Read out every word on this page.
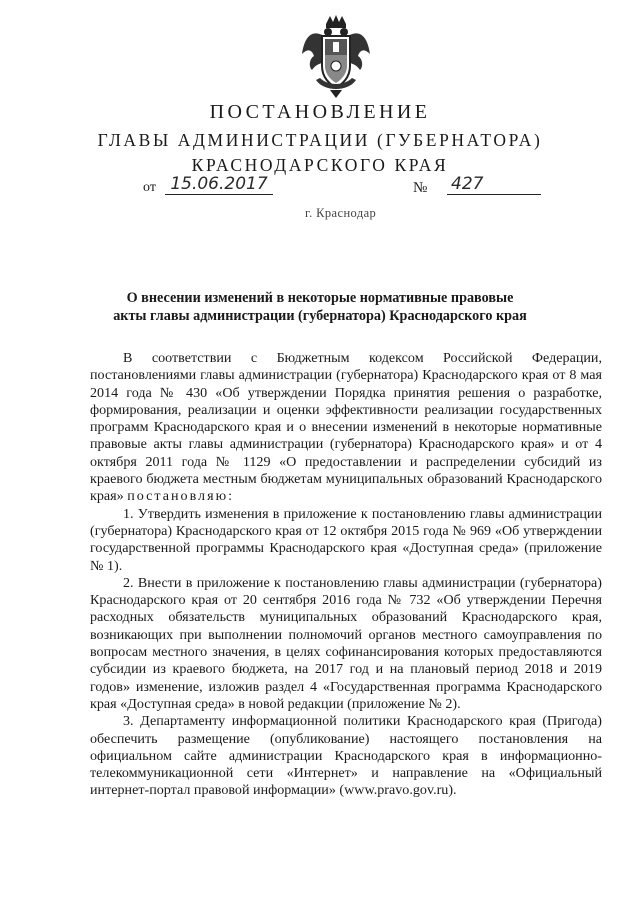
ПОСТАНОВЛЕНИЕ
ГЛАВЫ АДМИНИСТРАЦИИ (ГУБЕРНАТОРА)
КРАСНОДАРСКОГО КРАЯ
от 15.06.2017	№ 427
г. Краснодар
О внесении изменений в некоторые нормативные правовые
акты главы администрации (губернатора) Краснодарского края

В соответствии с Бюджетным кодексом Российской Федерации, постановлениями главы администрации (губернатора) Краснодарского края от 8 мая 2014 года № 430 «Об утверждении Порядка принятия решения о разработке, формирования, реализации и оценки эффективности реализации государственных программ Краснодарского края и о внесении изменений в некоторые нормативные правовые акты главы администрации (губернатора) Краснодарского края» и от 4 октября 2011 года № 1129 «О предоставлении и распределении субсидий из краевого бюджета местным бюджетам муниципальных образований Краснодарского края» постановляю:

1. Утвердить изменения в приложение к постановлению главы администрации (губернатора) Краснодарского края от 12 октября 2015 года № 969 «Об утверждении государственной программы Краснодарского края «Доступная среда» (приложение № 1).

2. Внести в приложение к постановлению главы администрации (губернатора) Краснодарского края от 20 сентября 2016 года № 732 «Об утверждении Перечня расходных обязательств муниципальных образований Краснодарского края, возникающих при выполнении полномочий органов местного самоуправления по вопросам местного значения, в целях софинансирования которых предоставляются субсидии из краевого бюджета, на 2017 год и на плановый период 2018 и 2019 годов» изменение, изложив раздел 4 «Государственная программа Краснодарского края «Доступная среда» в новой редакции (приложение № 2).

3. Департаменту информационной политики Краснодарского края (Пригода) обеспечить размещение (опубликование) настоящего постановления на официальном сайте администрации Краснодарского края в информационно-телекоммуникационной сети «Интернет» и направление на «Официальный интернет-портал правовой информации» (www.pravo.gov.ru).
